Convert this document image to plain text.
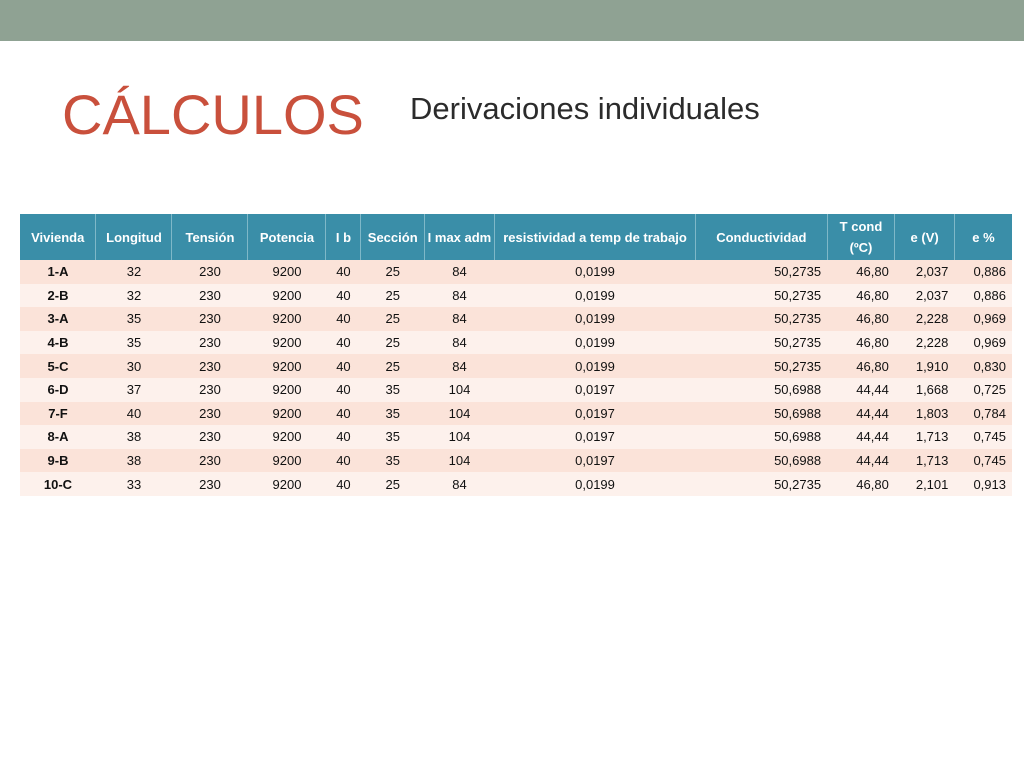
CÁLCULOS Derivaciones individuales
Vivienda	Longitud	Tensión	Potencia	I b	Sección	I max adm	resistividad a temp de trabajo	Conductividad	T cond (ºC)	e (V)	e %
1-A	32	230	9200	40	25	84	0,0199	50,2735	46,80	2,037	0,886
2-B	32	230	9200	40	25	84	0,0199	50,2735	46,80	2,037	0,886
3-A	35	230	9200	40	25	84	0,0199	50,2735	46,80	2,228	0,969
4-B	35	230	9200	40	25	84	0,0199	50,2735	46,80	2,228	0,969
5-C	30	230	9200	40	25	84	0,0199	50,2735	46,80	1,910	0,830
6-D	37	230	9200	40	35	104	0,0197	50,6988	44,44	1,668	0,725
7-F	40	230	9200	40	35	104	0,0197	50,6988	44,44	1,803	0,784
8-A	38	230	9200	40	35	104	0,0197	50,6988	44,44	1,713	0,745
9-B	38	230	9200	40	35	104	0,0197	50,6988	44,44	1,713	0,745
10-C	33	230	9200	40	25	84	0,0199	50,2735	46,80	2,101	0,913
